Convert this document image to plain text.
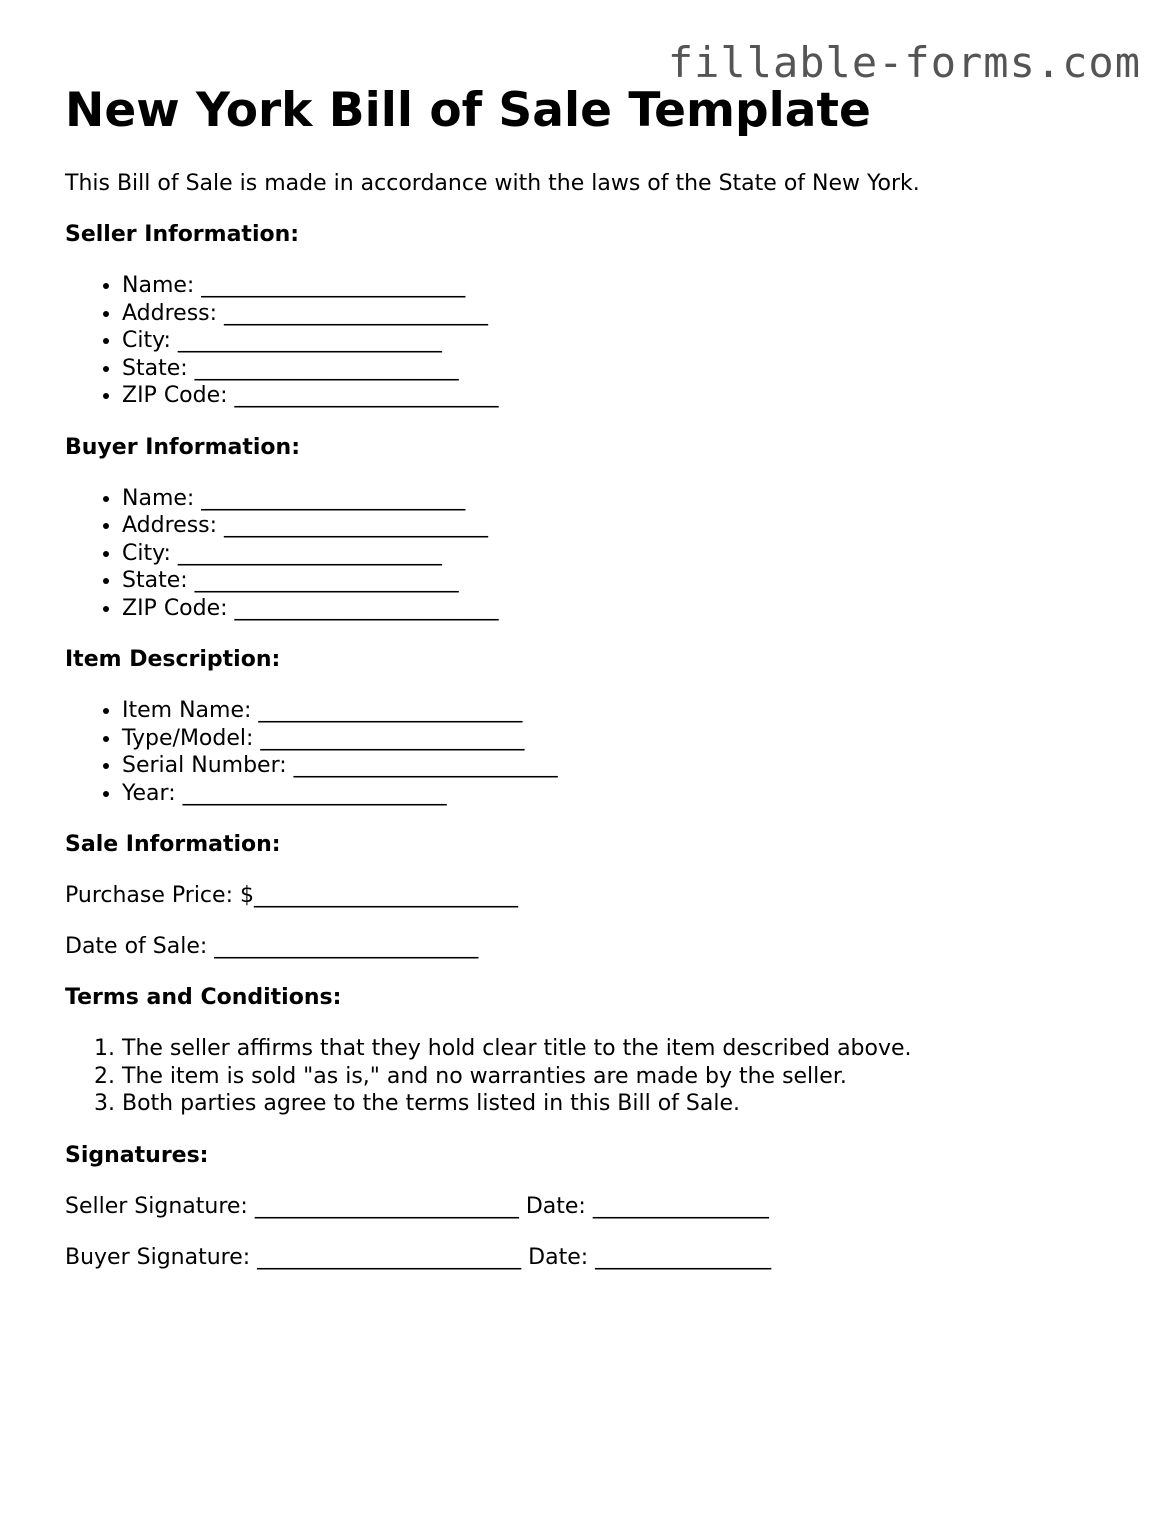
fillable-forms.com
New York Bill of Sale Template

This Bill of Sale is made in accordance with the laws of the State of New York.

Seller Information:

• Name: ________________________
• Address: ________________________
• City: ________________________
• State: ________________________
• ZIP Code: ________________________

Buyer Information:

• Name: ________________________
• Address: ________________________
• City: ________________________
• State: ________________________
• ZIP Code: ________________________

Item Description:

• Item Name: ________________________
• Type/Model: ________________________
• Serial Number: ________________________
• Year: ________________________

Sale Information:

Purchase Price: $________________________

Date of Sale: ________________________

Terms and Conditions:

1. The seller affirms that they hold clear title to the item described above.
2. The item is sold "as is," and no warranties are made by the seller.
3. Both parties agree to the terms listed in this Bill of Sale.

Signatures:

Seller Signature: ________________________ Date: ________________

Buyer Signature: ________________________ Date: ________________
